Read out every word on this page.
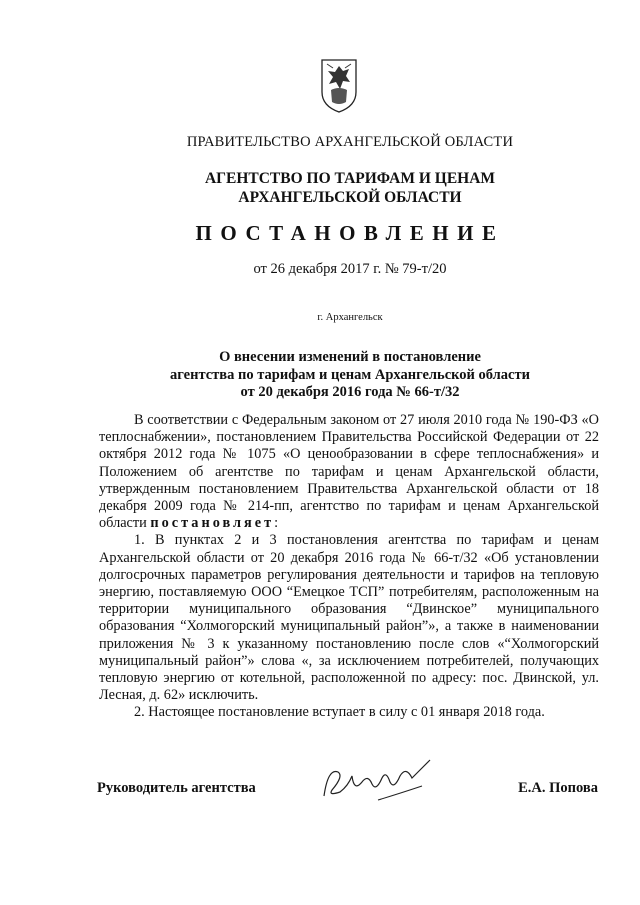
ПРАВИТЕЛЬСТВО АРХАНГЕЛЬСКОЙ ОБЛАСТИ
АГЕНТСТВО ПО ТАРИФАМ И ЦЕНАМ
АРХАНГЕЛЬСКОЙ ОБЛАСТИ
ПОСТАНОВЛЕНИЕ
от 26 декабря 2017 г. № 79-т/20
г. Архангельск
О внесении изменений в постановление
агентства по тарифам и ценам Архангельской области
от 20 декабря 2016 года № 66-т/32

В соответствии с Федеральным законом от 27 июля 2010 года № 190-ФЗ «О теплоснабжении», постановлением Правительства Российской Федерации от 22 октября 2012 года № 1075 «О ценообразовании в сфере теплоснабжения» и Положением об агентстве по тарифам и ценам Архангельской области, утвержденным постановлением Правительства Архангельской области от 18 декабря 2009 года № 214-пп, агентство по тарифам и ценам Архангельской области постановляет:

1. В пунктах 2 и 3 постановления агентства по тарифам и ценам Архангельской области от 20 декабря 2016 года № 66-т/32 «Об установлении долгосрочных параметров регулирования деятельности и тарифов на тепловую энергию, поставляемую ООО “Емецкое ТСП” потребителям, расположенным на территории муниципального образования “Двинское” муниципального образования “Холмогорский муниципальный район”», а также в наименовании приложения № 3 к указанному постановлению после слов «“Холмогорский муниципальный район”» слова «, за исключением потребителей, получающих тепловую энергию от котельной, расположенной по адресу: пос. Двинской, ул. Лесная, д. 62» исключить.

2. Настоящее постановление вступает в силу с 01 января 2018 года.

Руководитель агентства	Е.А. Попова
